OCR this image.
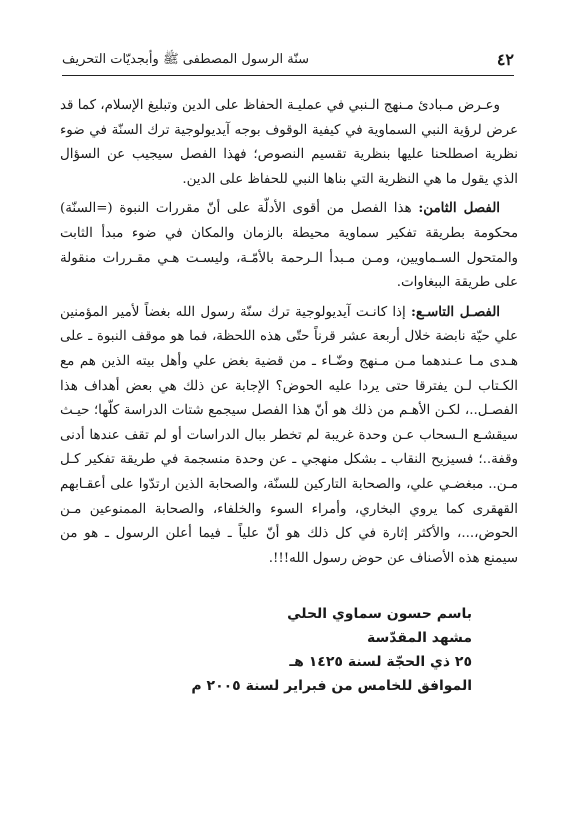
٤٢
سنّة الرسول المصطفى ﷺ وأبجديّات التحريف

وعـرض مـبادئ مـنهج الـنبي في عمليـة الحفاظ على الدين وتبليغ الإسلام، كما قد عرض لرؤية النبي السماوية في كيفية الوقوف بوجه آيديولوجية ترك السنّة في ضوء نظرية اصطلحنا عليها بنظرية تقسيم النصوص؛ فهذا الفصل سيجيب عن السؤال الذي يقول ما هي النظرية التي بناها النبي للحفاظ على الدين.

الفصل الثامن: هذا الفصل من أقوى الأدلّة على أنّ مقررات النبوة (=السنّة) محكومة بطريقة تفكير سماوية محيطة بالزمان والمكان في ضوء مبدأ الثابت والمتحول السـماويين، ومـن مـبدأ الـرحمة بالأمّـة، وليسـت هـي مقـررات منقولة على طريقة الببغاوات.

الفصـل التاسـع: إذا كانـت آيديولوجية ترك سنّة رسول الله بغضاً لأمير المؤمنين علي حيّة نابضة خلال أربعة عشر قرناً حتّى هذه اللحظة، فما هو موقف النبوة ـ على هـدى مـا عـندهما مـن مـنهج وضّـاء ـ من قضية بغض علي وأهل بيته الذين هم مع الكـتاب لـن يفترقا حتى يردا عليه الحوض؟ الإجابة عن ذلك هي بعض أهداف هذا الفصـل..، لكـن الأهـم من ذلك هو أنّ هذا الفصل سيجمع شتات الدراسة كلّها؛ حيـث سيقشـع الـسحاب عـن وحدة غريبة لم تخطر ببال الدراسات أو لم تقف عندها أدنى وقفة..؛ فسيزيح النقاب ـ بشكل منهجي ـ عن وحدة منسجمة في طريقة تفكير كـل مـن.. مبغضـي علي، والصحابة التاركين للسنّة، والصحابة الذين ارتدّوا على أعقـابهم القهقرى كما يروي البخاري، وأمراء السوء والخلفاء، والصحابة الممنوعين مـن الحوض،...، والأكثر إثارة في كل ذلك هو أنّ علياً ـ فيما أعلن الرسول ـ هو من سيمنع هذه الأصناف عن حوض رسول الله!!!.

باسم حسون سماوي الحلي
مشهد المقدّسة
٢٥ ذي الحجّة لسنة ١٤٢٥ هـ
الموافق للخامس من فبراير لسنة ٢٠٠٥ م
